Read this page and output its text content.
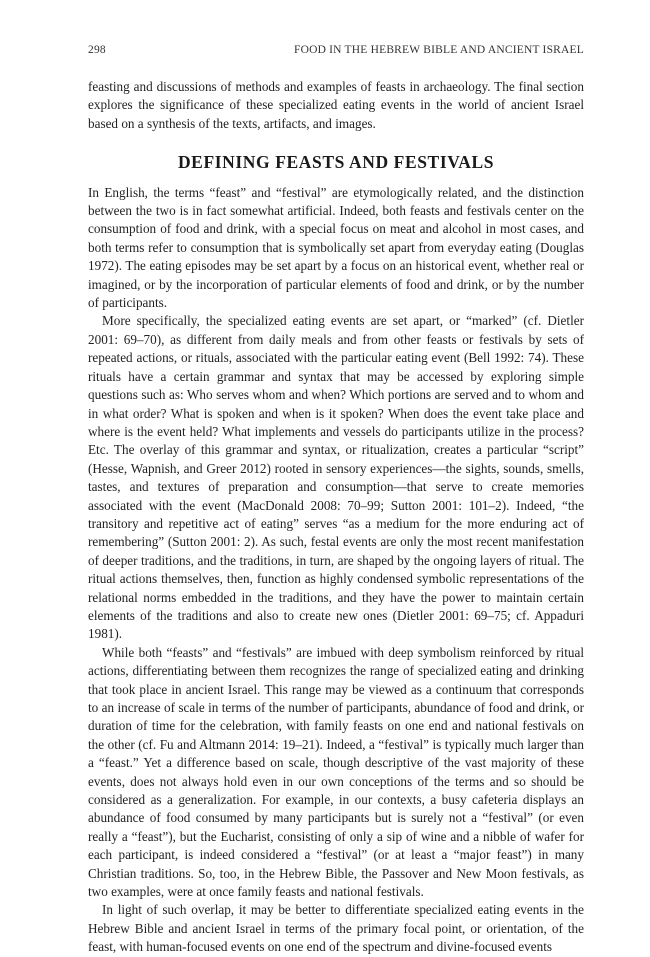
298	FOOD IN THE HEBREW BIBLE AND ANCIENT ISRAEL

feasting and discussions of methods and examples of feasts in archaeology. The final section explores the significance of these specialized eating events in the world of ancient Israel based on a synthesis of the texts, artifacts, and images.

DEFINING FEASTS AND FESTIVALS

In English, the terms “feast” and “festival” are etymologically related, and the distinction between the two is in fact somewhat artificial. Indeed, both feasts and festivals center on the consumption of food and drink, with a special focus on meat and alcohol in most cases, and both terms refer to consumption that is symbolically set apart from everyday eating (Douglas 1972). The eating episodes may be set apart by a focus on an historical event, whether real or imagined, or by the incorporation of particular elements of food and drink, or by the number of participants.

More specifically, the specialized eating events are set apart, or “marked” (cf. Dietler 2001: 69–70), as different from daily meals and from other feasts or festivals by sets of repeated actions, or rituals, associated with the particular eating event (Bell 1992: 74). These rituals have a certain grammar and syntax that may be accessed by exploring simple questions such as: Who serves whom and when? Which portions are served and to whom and in what order? What is spoken and when is it spoken? When does the event take place and where is the event held? What implements and vessels do participants utilize in the process? Etc. The overlay of this grammar and syntax, or ritualization, creates a particular “script” (Hesse, Wapnish, and Greer 2012) rooted in sensory experiences—the sights, sounds, smells, tastes, and textures of preparation and consumption—that serve to create memories associated with the event (MacDonald 2008: 70–99; Sutton 2001: 101–2). Indeed, “the transitory and repetitive act of eating” serves “as a medium for the more enduring act of remembering” (Sutton 2001: 2). As such, festal events are only the most recent manifestation of deeper traditions, and the traditions, in turn, are shaped by the ongoing layers of ritual. The ritual actions themselves, then, function as highly condensed symbolic representations of the relational norms embedded in the traditions, and they have the power to maintain certain elements of the traditions and also to create new ones (Dietler 2001: 69–75; cf. Appaduri 1981).

While both “feasts” and “festivals” are imbued with deep symbolism reinforced by ritual actions, differentiating between them recognizes the range of specialized eating and drinking that took place in ancient Israel. This range may be viewed as a continuum that corresponds to an increase of scale in terms of the number of participants, abundance of food and drink, or duration of time for the celebration, with family feasts on one end and national festivals on the other (cf. Fu and Altmann 2014: 19–21). Indeed, a “festival” is typically much larger than a “feast.” Yet a difference based on scale, though descriptive of the vast majority of these events, does not always hold even in our own conceptions of the terms and so should be considered as a generalization. For example, in our contexts, a busy cafeteria displays an abundance of food consumed by many participants but is surely not a “festival” (or even really a “feast”), but the Eucharist, consisting of only a sip of wine and a nibble of wafer for each participant, is indeed considered a “festival” (or at least a “major feast”) in many Christian traditions. So, too, in the Hebrew Bible, the Passover and New Moon festivals, as two examples, were at once family feasts and national festivals.

In light of such overlap, it may be better to differentiate specialized eating events in the Hebrew Bible and ancient Israel in terms of the primary focal point, or orientation, of the feast, with human-focused events on one end of the spectrum and divine-focused events
